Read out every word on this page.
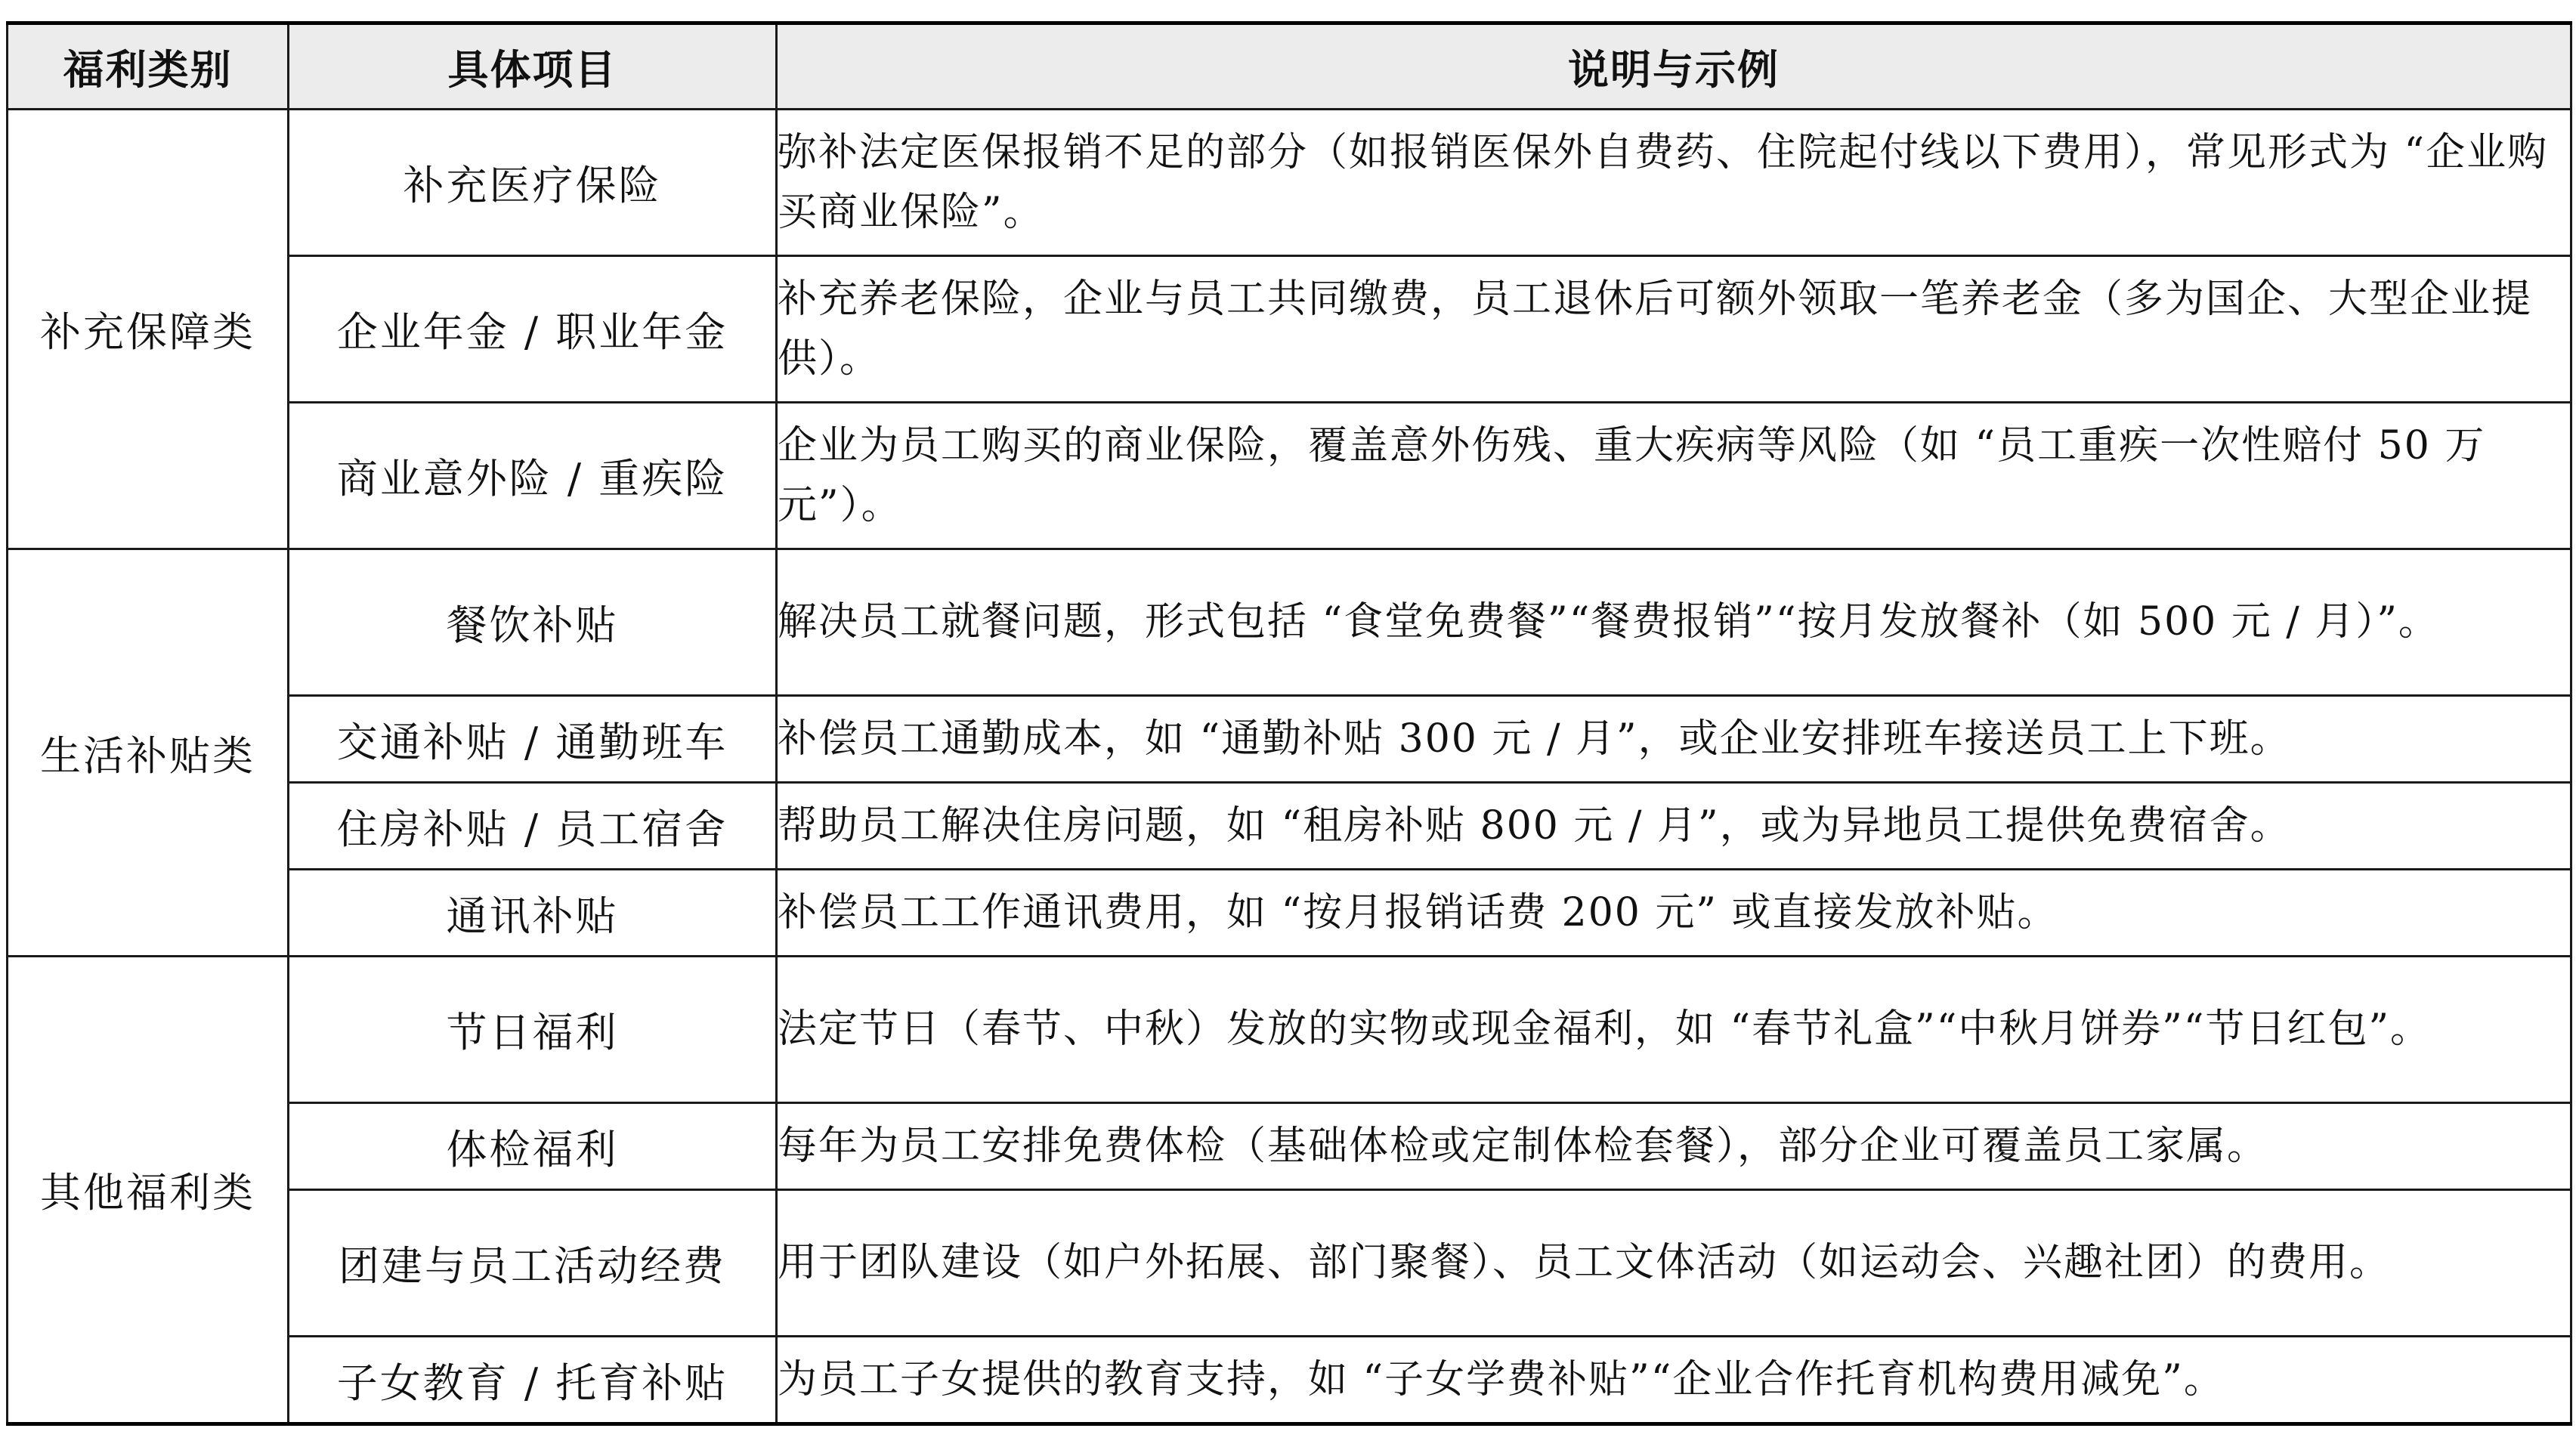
福利类别	具体项目	说明与示例
补充保障类	补充医疗保险	弥补法定医保报销不足的部分（如报销医保外自费药、住院起付线以下费用），常见形式为 “企业购买商业保险”。
	企业年金 / 职业年金	补充养老保险，企业与员工共同缴费，员工退休后可额外领取一笔养老金（多为国企、大型企业提供）。
	商业意外险 / 重疾险	企业为员工购买的商业保险，覆盖意外伤残、重大疾病等风险（如 “员工重疾一次性赔付 50 万元”）。
生活补贴类	餐饮补贴	解决员工就餐问题，形式包括 “食堂免费餐”“餐费报销”“按月发放餐补（如 500 元 / 月）”。
	交通补贴 / 通勤班车	补偿员工通勤成本，如 “通勤补贴 300 元 / 月”，或企业安排班车接送员工上下班。
	住房补贴 / 员工宿舍	帮助员工解决住房问题，如 “租房补贴 800 元 / 月”，或为异地员工提供免费宿舍。
	通讯补贴	补偿员工工作通讯费用，如 “按月报销话费 200 元” 或直接发放补贴。
其他福利类	节日福利	法定节日（春节、中秋）发放的实物或现金福利，如 “春节礼盒”“中秋月饼券”“节日红包”。
	体检福利	每年为员工安排免费体检（基础体检或定制体检套餐），部分企业可覆盖员工家属。
	团建与员工活动经费	用于团队建设（如户外拓展、部门聚餐）、员工文体活动（如运动会、兴趣社团）的费用。
	子女教育 / 托育补贴	为员工子女提供的教育支持，如 “子女学费补贴”“企业合作托育机构费用减免”。
